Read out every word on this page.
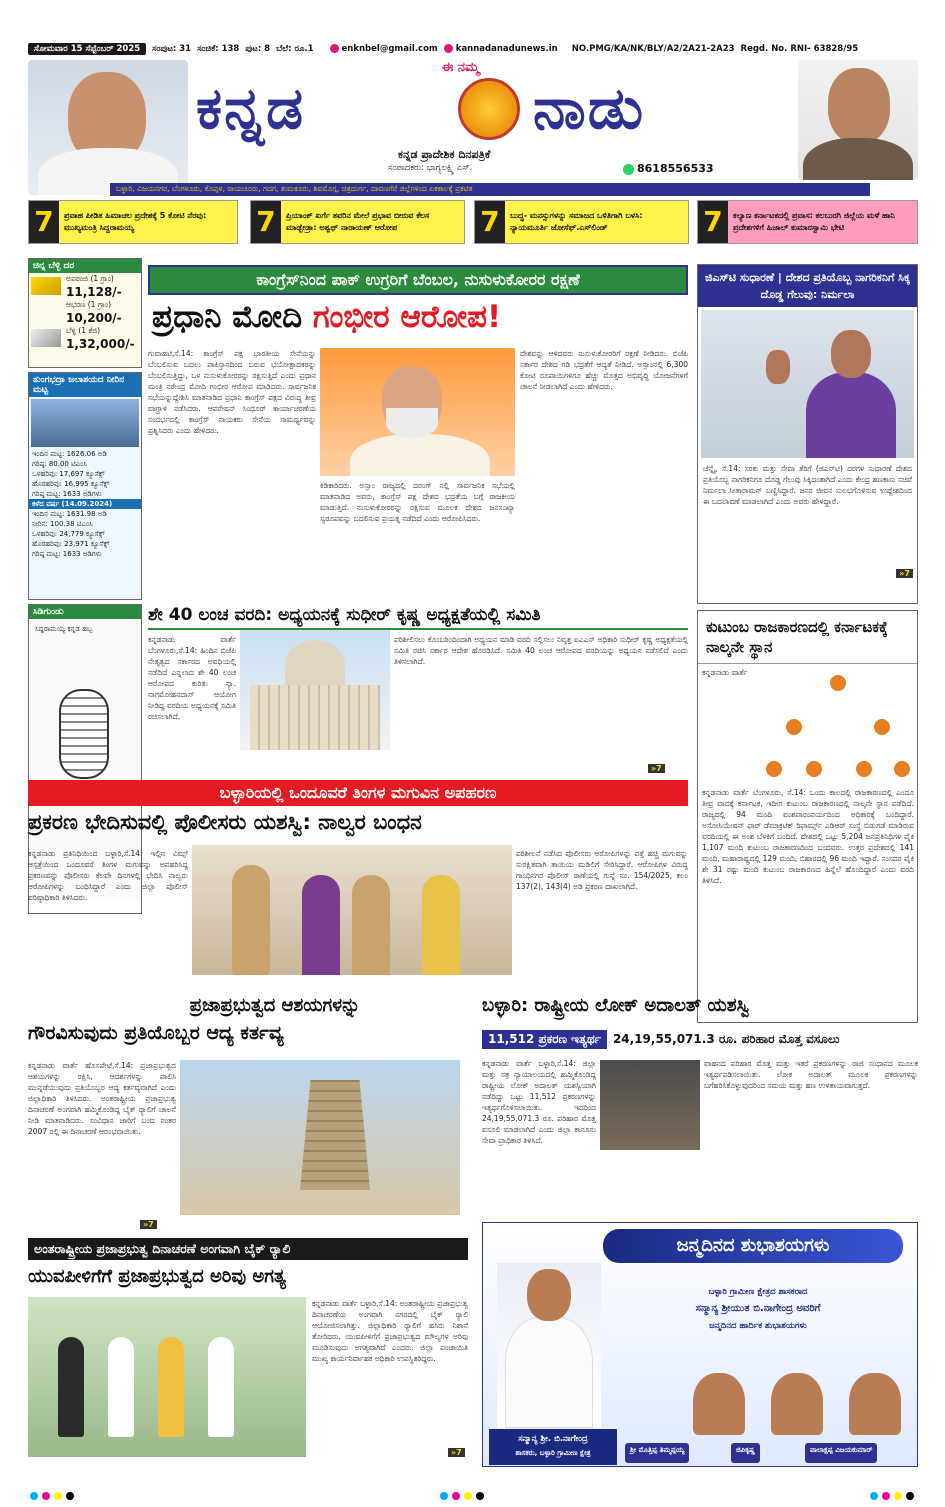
ಸೋಮವಾರ 15 ಸೆಪ್ಟೆಂಬರ್ 2025	ಸಂಪುಟ: 31 ಸಂಚಿಕೆ: 138 ಪುಟ: 8 ಬೆಲೆ: ರೂ.1	enknbel@gmail.com	kannadanadunews.in NO.PMG/KA/NK/BLY/A2/2A21-2A23 Regd. No. RNI- 63828/95
ಕನ್ನಡ
ಈ ನಮ್ಮ
ನಾಡು
ಕನ್ನಡ ಪ್ರಾದೇಶಿಕ ದಿನಪತ್ರಿಕೆ
ಸಂಪಾದಕರು: ಭಾಗ್ಯಲಕ್ಷ್ಮಿ ಎಸ್.	8618556533
ಬಳ್ಳಾರಿ, ವಿಜಯನಗರ, ಬೆಂಗಳೂರು, ಕೊಪ್ಪಳ, ರಾಯಚೂರು, ಗದಗ, ತುಮಕೂರು, ಶಿವಮೊಗ್ಗ, ಚಿತ್ರದುರ್ಗ, ದಾವಣಗೆರೆ ಜಿಲ್ಲೆಗಳಿಂದ ಏಕಕಾಲಕ್ಕೆ ಪ್ರಕಟಿತ
7	ಪ್ರವಾಹ ಪೀಡಿತ ಹಿಮಾಚಲ ಪ್ರದೇಶಕ್ಕೆ 5 ಕೋಟಿ ನೆರವು: ಮುಖ್ಯಮಂತ್ರಿ ಸಿದ್ದರಾಮಯ್ಯ	7	ಪ್ರಿಯಾಂಕ್ ಖರ್ಗೆ ತವರಿನ ಮೇಲೆ ಪ್ರಭಾವ ಬೀರುವ ಕೆಲಸ ಮಾಡ್ಬೇಡ್ರಾ: ಅಶ್ವಥ್ ನಾರಾಯಣ್ ಆರೋಪ	7	ಬುದ್ಧ- ಮನಸ್ಸುಗಳನ್ನು ಸಮಾಜದ ಒಳಿತಿಗಾಗಿ ಬಳಸಿ: ನ್ಯಾಯಮೂರ್ತಿ ಜೋಸೆಫ್.ಎಸ್‌ಲಿಂಡ್	7	ಕಲ್ಯಾಣ ಕರ್ನಾಟಕದಲ್ಲಿ ಪ್ರವಾಸ: ಕಲಬುರಗಿ ಜಿಲ್ಲೆಯ ಮಳೆ ಹಾನಿ ಪ್ರದೇಶಗಳಿಗೆ ಹಿಜಾಲ್ ಕುಮಾರಸ್ವಾಮಿ ಭೇಟಿ
ಚಿನ್ನ ಬೆಳ್ಳಿ ದರ
ಅಪರಂಜಿ (1 ಗ್ರಾಂ)
11,128/-
ಆಭರಣ (1 ಗ್ರಾಂ)
10,200/-
ಬೆಳ್ಳಿ (1 ಕೆಜಿ)
1,32,000/-
ತುಂಗಭದ್ರಾ ಜಲಾಶಯದ ನೀರಿನ ಮಟ್ಟ
ಇಂದಿನ ಮಟ್ಟ: 1626.06 ಅಡಿ
ಗರಿಷ್ಠ: 80.00 ಟಿಎಂಸಿ
ಒಳಹರಿವು: 17,697 ಕ್ಯೂಸೆಕ್ಸ್
ಹೊರಹರಿವು: 16,995 ಕ್ಯೂಸೆಕ್ಸ್
ಗರಿಷ್ಠ ಮಟ್ಟ: 1633 ಅಡಿಗಳು
ಕಳೆದ ವರ್ಷ (14.09.2024)
ಇಂದಿನ ಮಟ್ಟ: 1631.98 ಅಡಿ
ನೀರಿನ: 100.38 ಟಿಎಂಸಿ
ಒಳಹರಿವು: 24,779 ಕ್ಯೂಸೆಕ್ಸ್
ಹೊರಹರಿವು: 23,971 ಕ್ಯೂಸೆಕ್ಸ್
ಗರಿಷ್ಠ ಮಟ್ಟ: 1633 ಅಡಿಗಳು
ಸಿಡಿಗುಂಡು
ಸಿದ್ದರಾಮಯ್ಯ ಕನ್ನಡ ಹಬ್ಬ
ಕಾಂಗ್ರೆಸ್‌ನಿಂದ ಪಾಕ್ ಉಗ್ರರಿಗೆ ಬೆಂಬಲ, ನುಸುಳುಕೋರರ ರಕ್ಷಣೆ
ಪ್ರಧಾನಿ ಮೋದಿ ಗಂಭೀರ ಆರೋಪ!
ಗುವಾಹಟಿ,ಸೆ.14: ಕಾಂಗ್ರೆಸ್ ಪಕ್ಷ ಭಾರತೀಯ ಸೇನೆಯನ್ನು ಬೆಂಬಲಿಸುವ ಬದಲು ಪಾಕಿಸ್ತಾನದಿಂದ ಬರುವ ಭಯೋತ್ಪಾದಕರನ್ನು ಬೆಂಬಲಿಸುತ್ತಿದ್ದು, ಒಳ ನುಸುಳುಕೋರರನ್ನು ರಕ್ಷಿಸುತ್ತಿದೆ ಎಂದು ಪ್ರಧಾನ ಮಂತ್ರಿ ನರೇಂದ್ರ ಮೋದಿ ಗಂಭೀರ ಆರೋಪ ಮಾಡಿದರು. ಸಾರ್ವಜನಿಕ ಸಭೆಯನ್ನುದ್ದೇಶಿಸಿ ಮಾತನಾಡಿದ ಪ್ರಧಾನಿ ಕಾಂಗ್ರೆಸ್ ಪಕ್ಷದ ವಿರುದ್ಧ ತೀವ್ರ ವಾಗ್ದಾಳಿ ನಡೆಸಿದರು. ಆಪರೇಷನ್ ಸಿಂಧೂರ್ ಕಾರ್ಯಾಚರಣೆಯ ಸಂದರ್ಭದಲ್ಲಿ ಕಾಂಗ್ರೆಸ್ ನಾಯಕರು ಸೇನೆಯ ಸಾಮರ್ಥ್ಯವನ್ನು ಪ್ರಶ್ನಿಸಿದರು ಎಂದು ಹೇಳಿದರು.
ಕಿಡಿಕಾರಿದರು. ಅಸ್ಸಾಂ ರಾಜ್ಯದಲ್ಲಿ ದರಂಗ್ ನಲ್ಲಿ ಸಾರ್ವಜನಿಕ ಸಭೆಯಲ್ಲಿ ಮಾತನಾಡಿದ ಅವರು, ಕಾಂಗ್ರೆಸ್ ಪಕ್ಷ ದೇಶದ ಭದ್ರತೆಯ ಬಗ್ಗೆ ರಾಜಕೀಯ ಮಾಡುತ್ತಿದೆ. ನುಸುಳುಕೋರರನ್ನು ರಕ್ಷಿಸುವ ಮೂಲಕ ದೇಶದ ಜನಸಂಖ್ಯಾ ಸ್ವರೂಪವನ್ನು ಬದಲಿಸುವ ಪ್ರಯತ್ನ ನಡೆದಿದೆ ಎಂದು ಆರೋಪಿಸಿದರು.
ದೇಶವನ್ನು ಆಳಿದವರು ನುಸುಳುಕೋರರಿಗೆ ರಕ್ಷಣೆ ನೀಡಿದರು. ಬಿಜೆಪಿ ಸರ್ಕಾರ ದೇಶದ ಗಡಿ ಭದ್ರತೆಗೆ ಆದ್ಯತೆ ನೀಡಿದೆ. ಅಸ್ಸಾಂನಲ್ಲಿ 6,300 ಕೋಟಿ ರೂಪಾಯಿಗಳಿಗೂ ಹೆಚ್ಚು ಮೊತ್ತದ ಅಭಿವೃದ್ಧಿ ಯೋಜನೆಗಳಿಗೆ ಚಾಲನೆ ನೀಡಲಾಗಿದೆ ಎಂದು ಹೇಳಿದರು.
ಜಿಎಸ್‌ಟಿ ಸುಧಾರಣೆ | ದೇಶದ ಪ್ರತಿಯೊಬ್ಬ ನಾಗರಿಕನಿಗೆ ಸಿಕ್ಕ ದೊಡ್ಡ ಗೆಲುವು: ನಿರ್ಮಲಾ
ಚೆನ್ನೈ, ಸೆ.14: ಸರಕು ಮತ್ತು ಸೇವಾ ತೆರಿಗೆ (ಜಿಎಸ್‌ಟಿ) ದರಗಳ ಸುಧಾರಣೆ ದೇಶದ ಪ್ರತಿಯೊಬ್ಬ ನಾಗರಿಕನಿಗೂ ದೊಡ್ಡ ಗೆಲುವು ಸಿಕ್ಕಿದಂತಾಗಿದೆ ಎಂದು ಕೇಂದ್ರ ಹಣಕಾಸು ಸಚಿವೆ ನಿರ್ಮಲಾ ಸೀತಾರಾಮನ್ ಬಣ್ಣಿಸಿದ್ದಾರೆ. ಜನರ ಜೀವನ ಸುಲಭಗೊಳಿಸುವ ಉದ್ದೇಶದಿಂದ ಈ ಬದಲಾವಣೆ ಮಾಡಲಾಗಿದೆ ಎಂದು ಅವರು ಹೇಳಿದ್ದಾರೆ.
»7
ಶೇ 40 ಲಂಚ ವರದಿ: ಅಧ್ಯಯನಕ್ಕೆ ಸುಧೀರ್ ಕೃಷ್ಣ ಅಧ್ಯಕ್ಷತೆಯಲ್ಲಿ ಸಮಿತಿ
ಕನ್ನಡನಾಡು ವಾರ್ತೆ ಬೆಂಗಳೂರು,ಸೆ.14: ಹಿಂದಿನ ಬಿಜೆಪಿ ನೇತೃತ್ವದ ಸರ್ಕಾರದ ಅವಧಿಯಲ್ಲಿ ನಡೆದಿದೆ ಎನ್ನಲಾದ ಶೇ 40 ಲಂಚ ಆರೋಪದ ಕುರಿತು ನ್ಯಾ. ನಾಗಮೋಹನದಾಸ್ ಆಯೋಗ ನೀಡಿದ್ದ ವರದಿಯ ಅಧ್ಯಯನಕ್ಕೆ ಸಮಿತಿ ರಚಿಸಲಾಗಿದೆ.
ಪರಿಶೀಲಿಸಲು ಕೊಂಬರಿಂದಿಂದಾಗಿ ಅಧ್ಯಯನ ಮಾಡಿ ವರದಿ ಸಲ್ಲಿಸಲು ನಿವೃತ್ತ ಐಎಎಸ್ ಅಧಿಕಾರಿ ಸುಧೀರ್ ಕೃಷ್ಣ ಅಧ್ಯಕ್ಷತೆಯಲ್ಲಿ ಸಮಿತಿ ರಚಿಸಿ ಸರ್ಕಾರ ಆದೇಶ ಹೊರಡಿಸಿದೆ. ಸಮಿತಿ 40 ಲಂಚ ಆರೋಪದ ವರದಿಯನ್ನು ಅಧ್ಯಯನ ನಡೆಸಲಿದೆ ಎಂದು ತಿಳಿಸಲಾಗಿದೆ.
»7
ಕುಟುಂಬ ರಾಜಕಾರಣದಲ್ಲಿ ಕರ್ನಾಟಕಕ್ಕೆ ನಾಲ್ಕನೇ ಸ್ಥಾನ
ಕನ್ನಡನಾಡು ವಾರ್ತೆ
ಕನ್ನಡನಾಡು ವಾರ್ತೆ ಬೆಂಗಳೂರು, ಸೆ.14: ಒಂದು ಕಾಲದಲ್ಲಿ ರಾಜಕಾರಣದಲ್ಲಿ ಎಂದೂ ತೀವ್ರ ವಾದಕ್ಕೆ ಕರ್ನಾಟಕ, ಇದೀಗ ಕುಟುಂಬ ರಾಜಕಾರಣದಲ್ಲಿ ನಾಲ್ಕನೇ ಸ್ಥಾನ ಪಡೆದಿದೆ. ರಾಜ್ಯದಲ್ಲಿ 94 ಮಂದಿ ವಂಶಪಾರಂಪರ್ಯದಿಂದ ಅಧಿಕಾರಕ್ಕೆ ಬಂದಿದ್ದಾರೆ. ಅಸೋಸಿಯೇಷನ್ ಫಾರ್ ಡೆಮಾಕ್ರಟಿಕ್ ರಿಫಾರ್ಮ್ಸ್ ಎಡಿಆರ್ ಸಂಸ್ಥೆ ಬಿಡುಗಡೆ ಮಾಡಿರುವ ವರದಿಯಲ್ಲಿ ಈ ಅಂಶ ಬೆಳಕಿಗೆ ಬಂದಿದೆ. ದೇಶದಲ್ಲಿ ಒಟ್ಟು 5,204 ಜನಪ್ರತಿನಿಧಿಗಳ ಪೈಕಿ 1,107 ಮಂದಿ ಕುಟುಂಬ ರಾಜಕಾರಣದಿಂದ ಬಂದವರು. ಉತ್ತರ ಪ್ರದೇಶದಲ್ಲಿ 141 ಮಂದಿ, ಮಹಾರಾಷ್ಟ್ರದಲ್ಲಿ 129 ಮಂದಿ, ಬಿಹಾರದಲ್ಲಿ 96 ಮಂದಿ ಇದ್ದಾರೆ. ಸಂಸದರ ಪೈಕಿ ಶೇ 31 ರಷ್ಟು ಮಂದಿ ಕುಟುಂಬ ರಾಜಕಾರಣದ ಹಿನ್ನೆಲೆ ಹೊಂದಿದ್ದಾರೆ ಎಂದು ವರದಿ ತಿಳಿಸಿದೆ.
ಬಳ್ಳಾರಿಯಲ್ಲಿ ಒಂದೂವರೆ ತಿಂಗಳ ಮಗುವಿನ ಅಪಹರಣ
ಪ್ರಕರಣ ಭೇದಿಸುವಲ್ಲಿ ಪೊಲೀಸರು ಯಶಸ್ವಿ: ನಾಲ್ವರ ಬಂಧನ
ಕನ್ನಡನಾಡು ಪ್ರತಿನಿಧಿಯಿಂದ ಬಳ್ಳಾರಿ,ಸೆ.14: ಇಲ್ಲಿನ ವಿಮ್ಸ್ ಆಸ್ಪತ್ರೆಯಿಂದ ಒಂದೂವರೆ ತಿಂಗಳ ಮಗುವನ್ನು ಅಪಹರಿಸಿದ್ದ ಪ್ರಕರಣವನ್ನು ಪೊಲೀಸರು ಕೆಲವೇ ದಿನಗಳಲ್ಲಿ ಭೇದಿಸಿ ನಾಲ್ವರು ಆರೋಪಿಗಳನ್ನು ಬಂಧಿಸಿದ್ದಾರೆ ಎಂದು ಜಿಲ್ಲಾ ಪೊಲೀಸ್ ವರಿಷ್ಠಾಧಿಕಾರಿ ತಿಳಿಸಿದರು.
ಪರಿಶೀಲನೆ ನಡೆಸಿದ ಪೊಲೀಸರು ಆರೋಪಿಗಳನ್ನು ಪತ್ತೆ ಹಚ್ಚಿ ಮಗುವನ್ನು ಸುರಕ್ಷಿತವಾಗಿ ತಾಯಿಯ ಮಡಿಲಿಗೆ ಸೇರಿಸಿದ್ದಾರೆ. ಆರೋಪಿಗಳ ವಿರುದ್ಧ ಗಾಂಧಿನಗರ ಪೊಲೀಸ್ ಠಾಣೆಯಲ್ಲಿ ಗುನ್ನೆ ನಂ. 154/2025, ಕಲಂ 137(2), 143(4) ಅಡಿ ಪ್ರಕರಣ ದಾಖಲಾಗಿದೆ.
ಪ್ರಜಾಪ್ರಭುತ್ವದ ಆಶಯಗಳನ್ನು
ಗೌರವಿಸುವುದು ಪ್ರತಿಯೊಬ್ಬರ ಆದ್ಯ ಕರ್ತವ್ಯ
ಕನ್ನಡನಾಡು ವಾರ್ತೆ ಹೊಸಪೇಟೆ,ಸೆ.14: ಪ್ರಜಾಪ್ರಭುತ್ವದ ಆಶಯಗಳನ್ನು ರಕ್ಷಿಸಿ, ಆದರ್ಶಗಳನ್ನು ಪಾಲಿಸಿ ಮುನ್ನಡೆಯುವುದು ಪ್ರತಿಯೊಬ್ಬರ ಆದ್ಯ ಕರ್ತವ್ಯವಾಗಿದೆ ಎಂದು ಜಿಲ್ಲಾಧಿಕಾರಿ ತಿಳಿಸಿದರು. ಅಂತರಾಷ್ಟ್ರೀಯ ಪ್ರಜಾಪ್ರಭುತ್ವ ದಿನಾಚರಣೆ ಅಂಗವಾಗಿ ಹಮ್ಮಿಕೊಂಡಿದ್ದ ಬೈಕ್ ರ‍್ಯಾಲಿಗೆ ಚಾಲನೆ ನೀಡಿ ಮಾತನಾಡಿದರು. ಸಂವಿಧಾನ ಜಾರಿಗೆ ಬಂದ ನಂತರ 2007 ರಲ್ಲಿ ಈ ದಿನಾಚರಣೆ ಆರಂಭವಾಯಿತು.
»7
ಬಳ್ಳಾರಿ: ರಾಷ್ಟ್ರೀಯ ಲೋಕ್ ಅದಾಲತ್ ಯಶಸ್ವಿ
11,512 ಪ್ರಕರಣ ಇತ್ಯರ್ಥ	24,19,55,071.3 ರೂ. ಪರಿಹಾರ ಮೊತ್ತ ವಸೂಲು
ಕನ್ನಡನಾಡು ವಾರ್ತೆ ಬಳ್ಳಾರಿ,ಸೆ.14: ಜಿಲ್ಲಾ ಮತ್ತು ಸತ್ರ ನ್ಯಾಯಾಲಯದಲ್ಲಿ ಹಮ್ಮಿಕೊಂಡಿದ್ದ ರಾಷ್ಟ್ರೀಯ ಲೋಕ್ ಅದಾಲತ್ ಯಶಸ್ವಿಯಾಗಿ ನಡೆದಿದ್ದು ಒಟ್ಟು 11,512 ಪ್ರಕರಣಗಳನ್ನು ಇತ್ಯರ್ಥಗೊಳಿಸಲಾಯಿತು. ಇದರಿಂದ 24,19,55,071.3 ರೂ. ಪರಿಹಾರ ಮೊತ್ತ ವಸೂಲಿ ಮಾಡಲಾಗಿದೆ ಎಂದು ಜಿಲ್ಲಾ ಕಾನೂನು ಸೇವಾ ಪ್ರಾಧಿಕಾರ ತಿಳಿಸಿದೆ.
ವಾಹನದ ಪರಿಹಾರ ಮೊತ್ತ ಮತ್ತು ಇತರೆ ಪ್ರಕರಣಗಳನ್ನು ರಾಜಿ ಸಂಧಾನದ ಮೂಲಕ ಇತ್ಯರ್ಥಪಡಿಸಲಾಯಿತು. ಲೋಕ ಅದಾಲತ್ ಮೂಲಕ ಪ್ರಕರಣಗಳನ್ನು ಬಗೆಹರಿಸಿಕೊಳ್ಳುವುದರಿಂದ ಸಮಯ ಮತ್ತು ಹಣ ಉಳಿತಾಯವಾಗುತ್ತದೆ.
ಅಂತರಾಷ್ಟ್ರೀಯ ಪ್ರಜಾಪ್ರಭುತ್ವ ದಿನಾಚರಣೆ ಅಂಗವಾಗಿ ಬೈಕ್ ರ‍್ಯಾಲಿ
ಯುವಪೀಳಿಗೆಗೆ ಪ್ರಜಾಪ್ರಭುತ್ವದ ಅರಿವು ಅಗತ್ಯ
ಕನ್ನಡನಾಡು ವಾರ್ತೆ ಬಳ್ಳಾರಿ,ಸೆ.14: ಅಂತರಾಷ್ಟ್ರೀಯ ಪ್ರಜಾಪ್ರಭುತ್ವ ದಿನಾಚರಣೆಯ ಅಂಗವಾಗಿ ನಗರದಲ್ಲಿ ಬೈಕ್ ರ‍್ಯಾಲಿ ಆಯೋಜಿಸಲಾಗಿತ್ತು. ಜಿಲ್ಲಾಧಿಕಾರಿ ರ‍್ಯಾಲಿಗೆ ಹಸಿರು ನಿಶಾನೆ ತೋರಿದರು. ಯುವಪೀಳಿಗೆಗೆ ಪ್ರಜಾಪ್ರಭುತ್ವದ ಮೌಲ್ಯಗಳ ಅರಿವು ಮೂಡಿಸುವುದು ಅಗತ್ಯವಾಗಿದೆ ಎಂದರು. ಜಿಲ್ಲಾ ಪಂಚಾಯಿತಿ ಮುಖ್ಯ ಕಾರ್ಯನಿರ್ವಾಹಕ ಅಧಿಕಾರಿ ಉಪಸ್ಥಿತರಿದ್ದರು.
»7
ಜನ್ಮದಿನದ ಶುಭಾಶಯಗಳು
ಬಳ್ಳಾರಿ ಗ್ರಾಮೀಣ ಕ್ಷೇತ್ರದ ಶಾಸಕರಾದ
ಸನ್ಮಾನ್ಯ ಶ್ರೀಯುತ ಬಿ.ನಾಗೇಂದ್ರ ಅವರಿಗೆ
ಜನ್ಮದಿನದ ಹಾರ್ದಿಕ ಶುಭಾಶಯಗಳು
ಸನ್ಮಾನ್ಯ ಶ್ರೀ. ಬಿ.ನಾಗೇಂದ್ರ
ಶಾಸಕರು, ಬಳ್ಳಾರಿ ಗ್ರಾಮೀಣ ಕ್ಷೇತ್ರ	ಶ್ರೀ ಮೊತ್ತಿಪ್ಪ ತಿಮ್ಮಪ್ಪಯ್ಯ	ಜಿಪಿಕೃಷ್ಣ	ಪಾಲಾಕ್ಷಪ್ಪ ವಿಜಯಕುಮಾರ್
